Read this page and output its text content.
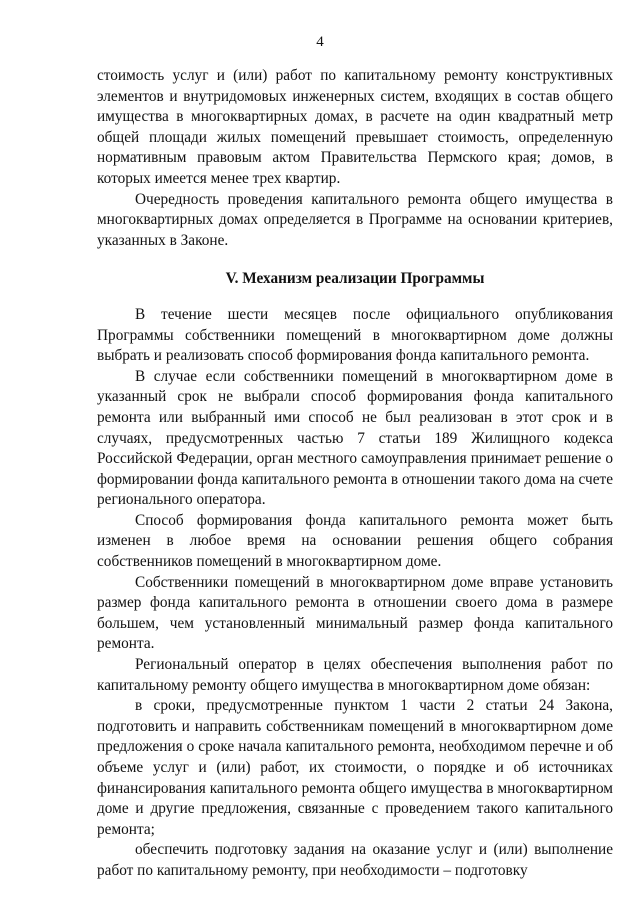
4

стоимость услуг и (или) работ по капитальному ремонту конструктивных элементов и внутридомовых инженерных систем, входящих в состав общего имущества в многоквартирных домах, в расчете на один квадратный метр общей площади жилых помещений превышает стоимость, определенную нормативным правовым актом Правительства Пермского края; домов, в которых имеется менее трех квартир.

Очередность проведения капитального ремонта общего имущества в многоквартирных домах определяется в Программе на основании критериев, указанных в Законе.

V. Механизм реализации Программы

В течение шести месяцев после официального опубликования Программы собственники помещений в многоквартирном доме должны выбрать и реализовать способ формирования фонда капитального ремонта.

В случае если собственники помещений в многоквартирном доме в указанный срок не выбрали способ формирования фонда капитального ремонта или выбранный ими способ не был реализован в этот срок и в случаях, предусмотренных частью 7 статьи 189 Жилищного кодекса Российской Федерации, орган местного самоуправления принимает решение о формировании фонда капитального ремонта в отношении такого дома на счете регионального оператора.

Способ формирования фонда капитального ремонта может быть изменен в любое время на основании решения общего собрания собственников помещений в многоквартирном доме.

Собственники помещений в многоквартирном доме вправе установить размер фонда капитального ремонта в отношении своего дома в размере большем, чем установленный минимальный размер фонда капитального ремонта.

Региональный оператор в целях обеспечения выполнения работ по капитальному ремонту общего имущества в многоквартирном доме обязан:

в сроки, предусмотренные пунктом 1 части 2 статьи 24 Закона, подготовить и направить собственникам помещений в многоквартирном доме предложения о сроке начала капитального ремонта, необходимом перечне и об объеме услуг и (или) работ, их стоимости, о порядке и об источниках финансирования капитального ремонта общего имущества в многоквартирном доме и другие предложения, связанные с проведением такого капитального ремонта;

обеспечить подготовку задания на оказание услуг и (или) выполнение работ по капитальному ремонту, при необходимости – подготовку
